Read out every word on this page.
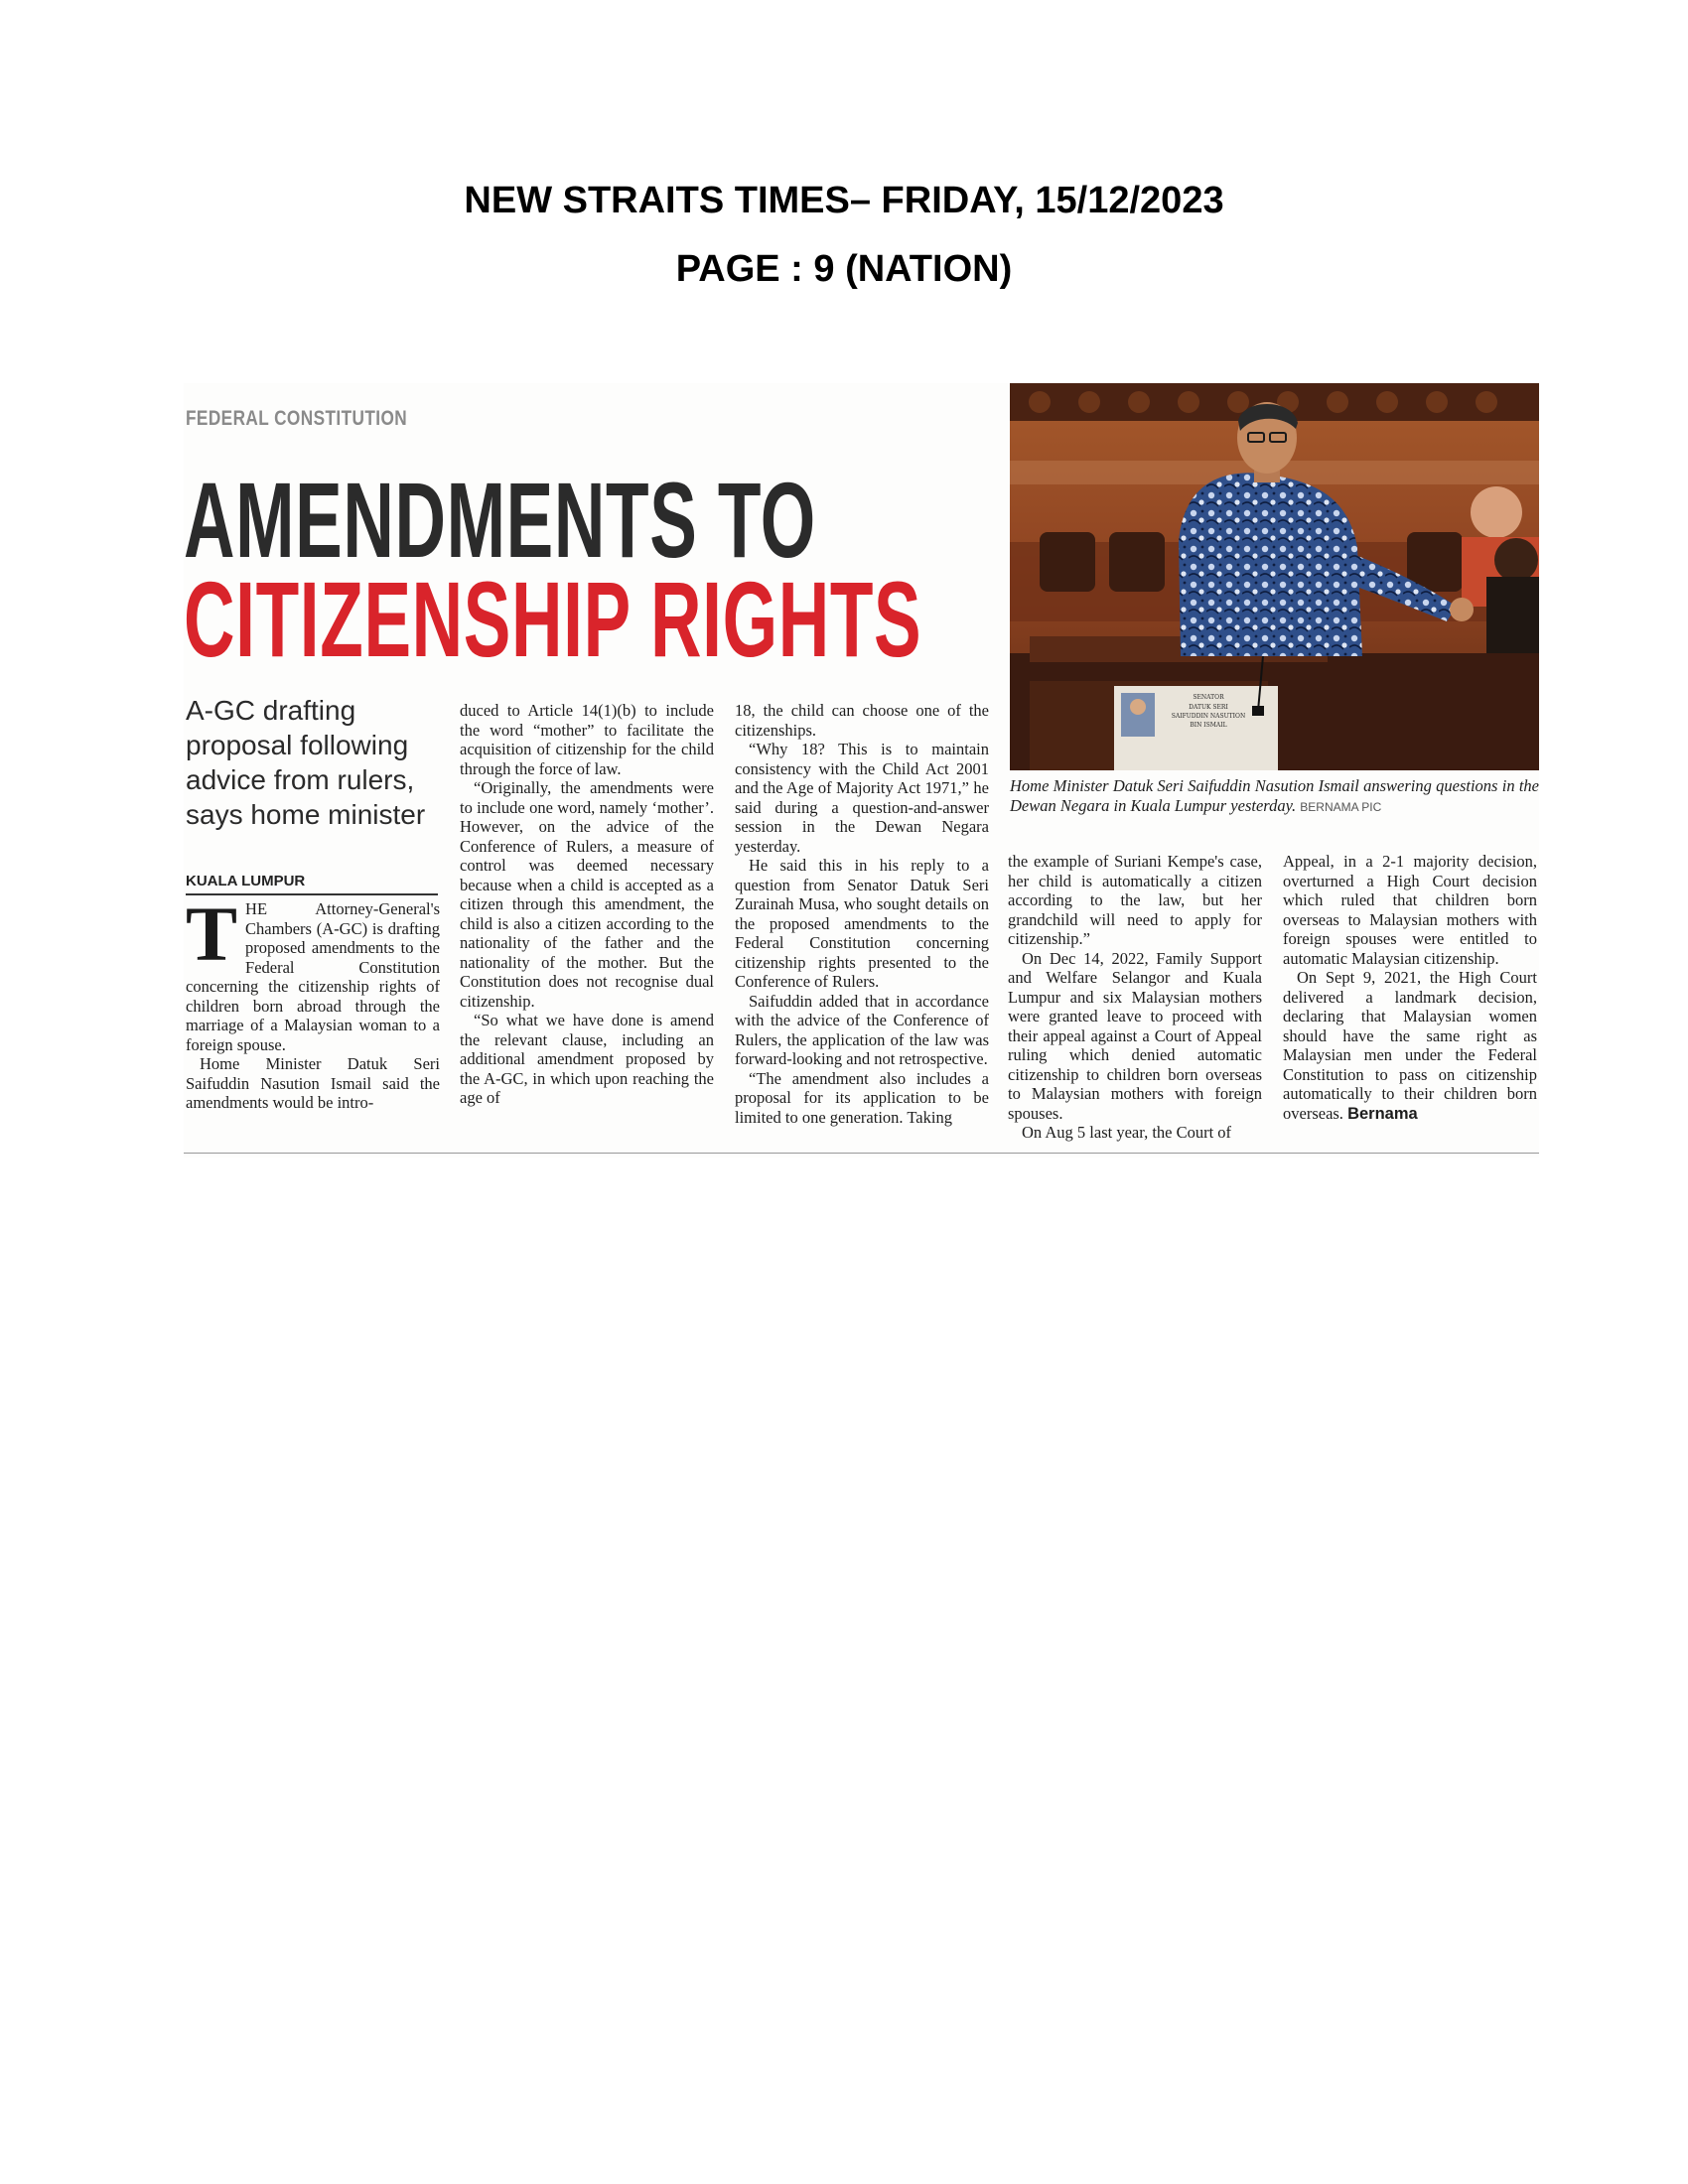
NEW STRAITS TIMES– FRIDAY, 15/12/2023
PAGE : 9 (NATION)
FEDERAL CONSTITUTION
AMENDMENTS TO
CITIZENSHIP RIGHTS
A-GC drafting proposal following advice from rulers, says home minister
KUALA LUMPUR

THE Attorney-General's Chambers (A-GC) is drafting proposed amendments to the Federal Constitution concerning the citizenship rights of children born abroad through the marriage of a Malaysian woman to a foreign spouse.

Home Minister Datuk Seri Saifuddin Nasution Ismail said the amendments would be intro-

duced to Article 14(1)(b) to include the word “mother” to facilitate the acquisition of citizenship for the child through the force of law.

“Originally, the amendments were to include one word, namely ‘mother’. However, on the advice of the Conference of Rulers, a measure of control was deemed necessary because when a child is accepted as a citizen through this amendment, the child is also a citizen according to the nationality of the father and the nationality of the mother. But the Constitution does not recognise dual citizenship.

“So what we have done is amend the relevant clause, including an additional amendment proposed by the A-GC, in which upon reaching the age of

18, the child can choose one of the citizenships.

“Why 18? This is to maintain consistency with the Child Act 2001 and the Age of Majority Act 1971,” he said during a question-and-answer session in the Dewan Negara yesterday.

He said this in his reply to a question from Senator Datuk Seri Zurainah Musa, who sought details on the proposed amendments to the Federal Constitution concerning citizenship rights presented to the Conference of Rulers.

Saifuddin added that in accordance with the advice of the Conference of Rulers, the application of the law was forward-looking and not retrospective.

“The amendment also includes a proposal for its application to be limited to one generation. Taking

SENATOR
DATUK SERI
SAIFUDDIN NASUTION
BIN ISMAIL
Home Minister Datuk Seri Saifuddin Nasution Ismail answering questions in the Dewan Negara in Kuala Lumpur yesterday. BERNAMA PIC

the example of Suriani Kempe's case, her child is automatically a citizen according to the law, but her grandchild will need to apply for citizenship.”

On Dec 14, 2022, Family Support and Welfare Selangor and Kuala Lumpur and six Malaysian mothers were granted leave to proceed with their appeal against a Court of Appeal ruling which denied automatic citizenship to children born overseas to Malaysian mothers with foreign spouses.

On Aug 5 last year, the Court of

Appeal, in a 2-1 majority decision, overturned a High Court decision which ruled that children born overseas to Malaysian mothers with foreign spouses were entitled to automatic Malaysian citizenship.

On Sept 9, 2021, the High Court delivered a landmark decision, declaring that Malaysian women should have the same right as Malaysian men under the Federal Constitution to pass on citizenship automatically to their children born overseas. Bernama
